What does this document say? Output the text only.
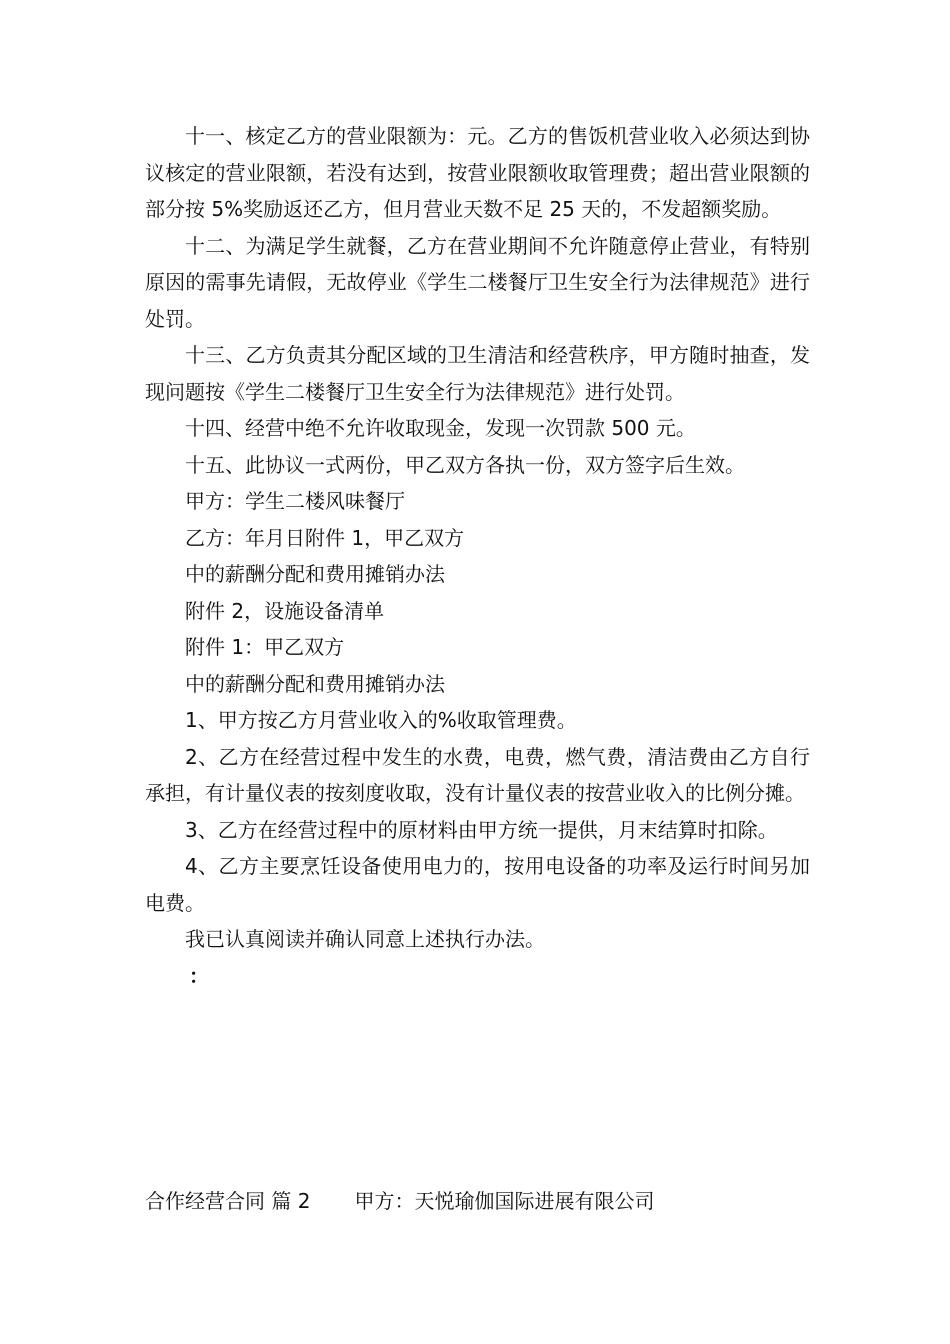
十一、核定乙方的营业限额为：元。乙方的售饭机营业收入必须达到协议核定的营业限额，若没有达到，按营业限额收取管理费；超出营业限额的部分按 5%奖励返还乙方，但月营业天数不足 25 天的，不发超额奖励。

十二、为满足学生就餐，乙方在营业期间不允许随意停止营业，有特别原因的需事先请假，无故停业《学生二楼餐厅卫生安全行为法律规范》进行处罚。

十三、乙方负责其分配区域的卫生清洁和经营秩序，甲方随时抽查，发现问题按《学生二楼餐厅卫生安全行为法律规范》进行处罚。

十四、经营中绝不允许收取现金，发现一次罚款 500 元。

十五、此协议一式两份，甲乙双方各执一份，双方签字后生效。

甲方：学生二楼风味餐厅

乙方：年月日附件 1，甲乙双方

中的薪酬分配和费用摊销办法

附件 2，设施设备清单

附件 1：甲乙双方

中的薪酬分配和费用摊销办法

1、甲方按乙方月营业收入的%收取管理费。

2、乙方在经营过程中发生的水费，电费，燃气费，清洁费由乙方自行承担，有计量仪表的按刻度收取，没有计量仪表的按营业收入的比例分摊。

3、乙方在经营过程中的原材料由甲方统一提供，月末结算时扣除。

4、乙方主要烹饪设备使用电力的，按用电设备的功率及运行时间另加电费。

我已认真阅读并确认同意上述执行办法。

：

合作经营合同 篇 2 甲方：天悦瑜伽国际进展有限公司
